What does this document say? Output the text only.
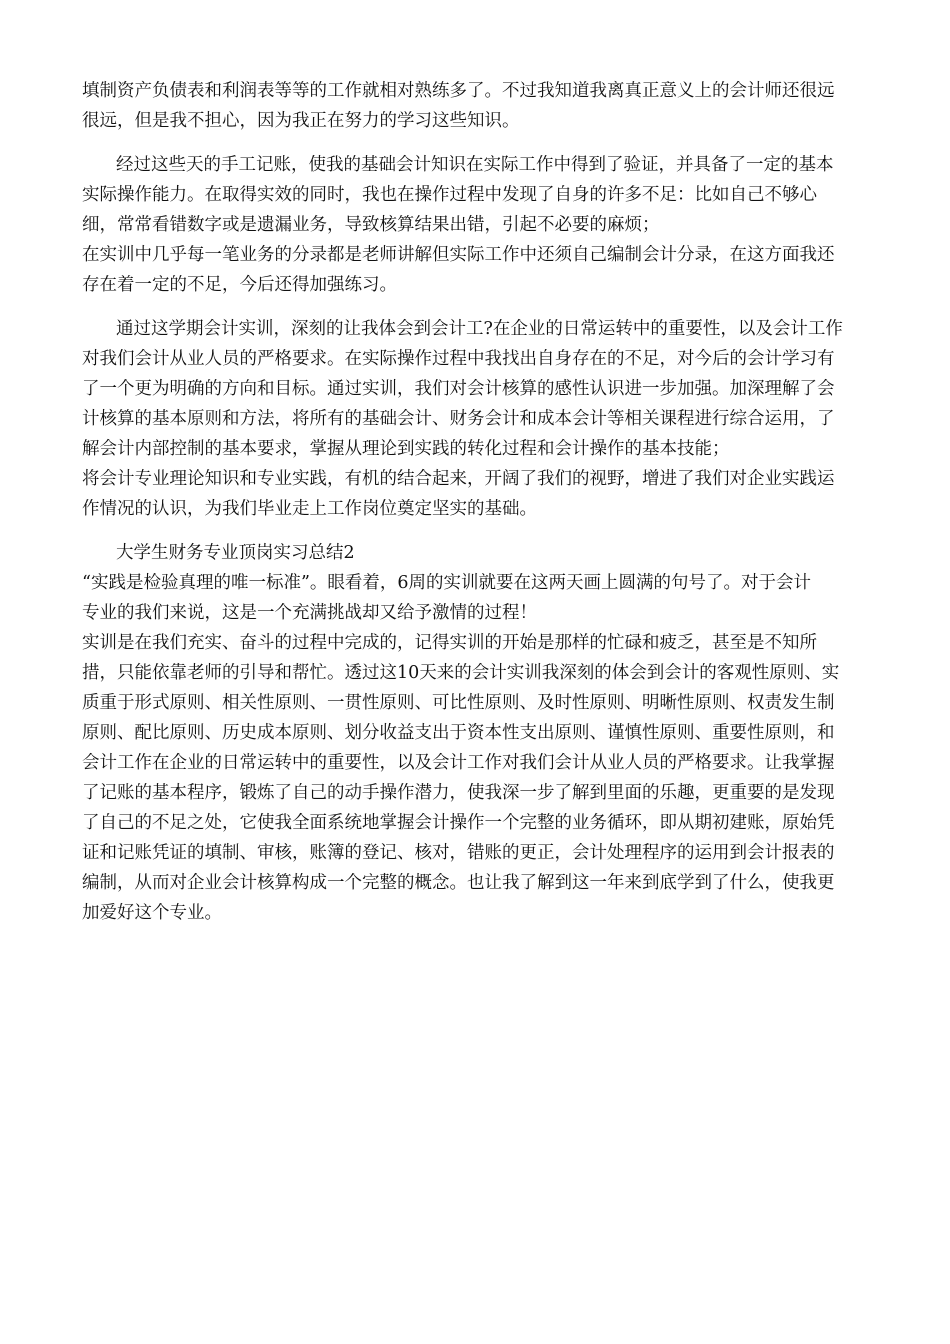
填制资产负债表和利润表等等的工作就相对熟练多了。不过我知道我离真正意义上的会计师还很远
很远，但是我不担心，因为我正在努力的学习这些知识。
经过这些天的手工记账，使我的基础会计知识在实际工作中得到了验证，并具备了一定的基本
实际操作能力。在取得实效的同时，我也在操作过程中发现了自身的许多不足：比如自己不够心
细，常常看错数字或是遗漏业务，导致核算结果出错，引起不必要的麻烦；
在实训中几乎每一笔业务的分录都是老师讲解但实际工作中还须自己编制会计分录，在这方面我还
存在着一定的不足，今后还得加强练习。
通过这学期会计实训，深刻的让我体会到会计工?在企业的日常运转中的重要性，以及会计工作
对我们会计从业人员的严格要求。在实际操作过程中我找出自身存在的不足，对今后的会计学习有
了一个更为明确的方向和目标。通过实训，我们对会计核算的感性认识进一步加强。加深理解了会
计核算的基本原则和方法，将所有的基础会计、财务会计和成本会计等相关课程进行综合运用，了
解会计内部控制的基本要求，掌握从理论到实践的转化过程和会计操作的基本技能；
将会计专业理论知识和专业实践，有机的结合起来，开阔了我们的视野，增进了我们对企业实践运
作情况的认识，为我们毕业走上工作岗位奠定坚实的基础。
大学生财务专业顶岗实习总结2
“实践是检验真理的唯一标准”。眼看着，6周的实训就要在这两天画上圆满的句号了。对于会计
专业的我们来说，这是一个充满挑战却又给予激情的过程！
实训是在我们充实、奋斗的过程中完成的，记得实训的开始是那样的忙碌和疲乏，甚至是不知所
措，只能依靠老师的引导和帮忙。透过这10天来的会计实训我深刻的体会到会计的客观性原则、实
质重于形式原则、相关性原则、一贯性原则、可比性原则、及时性原则、明晰性原则、权责发生制
原则、配比原则、历史成本原则、划分收益支出于资本性支出原则、谨慎性原则、重要性原则，和
会计工作在企业的日常运转中的重要性，以及会计工作对我们会计从业人员的严格要求。让我掌握
了记账的基本程序，锻炼了自己的动手操作潜力，使我深一步了解到里面的乐趣，更重要的是发现
了自己的不足之处，它使我全面系统地掌握会计操作一个完整的业务循环，即从期初建账，原始凭
证和记账凭证的填制、审核，账簿的登记、核对，错账的更正，会计处理程序的运用到会计报表的
编制，从而对企业会计核算构成一个完整的概念。也让我了解到这一年来到底学到了什么，使我更
加爱好这个专业。
